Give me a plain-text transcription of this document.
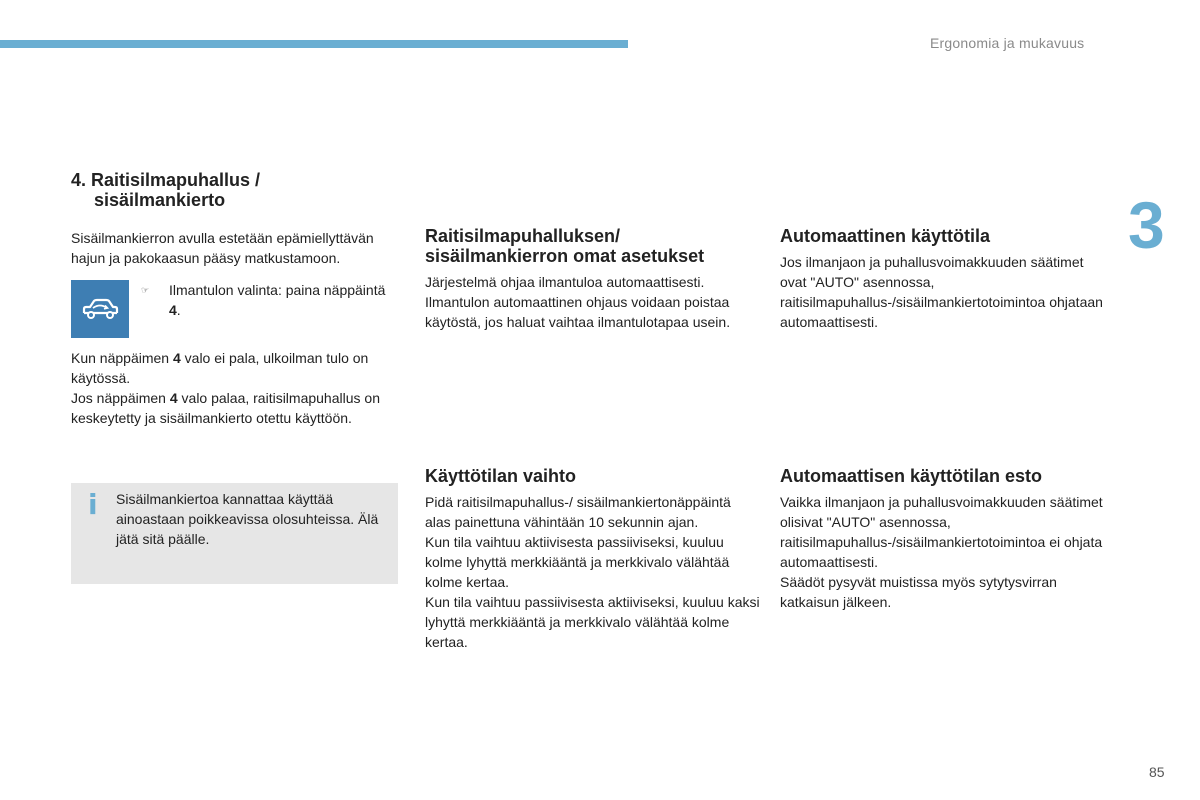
Ergonomia ja mukavuus
3
4. Raitisilmapuhallus /
sisäilmankierto

Sisäilmankierron avulla estetään epämiellyttävän hajun ja pakokaasun pääsy matkustamoon.

☞ Ilmantulon valinta: paina näppäintä 4.

Kun näppäimen 4 valo ei pala, ulkoilman tulo on käytössä.

Jos näppäimen 4 valo palaa, raitisilmapuhallus on keskeytetty ja sisäilmankierto otettu käyttöön.

i Sisäilmankiertoa kannattaa käyttää ainoastaan poikkeavissa olosuhteissa. Älä jätä sitä päälle.

Raitisilmapuhalluksen/ sisäilmankierron omat asetukset

Järjestelmä ohjaa ilmantuloa automaattisesti. Ilmantulon automaattinen ohjaus voidaan poistaa käytöstä, jos haluat vaihtaa ilmantulotapaa usein.

Automaattinen käyttötila

Jos ilmanjaon ja puhallusvoimakkuuden säätimet ovat "AUTO" asennossa, raitisilmapuhallus-/sisäilmankiertotoimintoa ohjataan automaattisesti.

Käyttötilan vaihto

Pidä raitisilmapuhallus-/ sisäilmankiertonäppäintä alas painettuna vähintään 10 sekunnin ajan.

Kun tila vaihtuu aktiivisesta passiiviseksi, kuuluu kolme lyhyttä merkkiääntä ja merkkivalo välähtää kolme kertaa.

Kun tila vaihtuu passiivisesta aktiiviseksi, kuuluu kaksi lyhyttä merkkiääntä ja merkkivalo välähtää kolme kertaa.

Automaattisen käyttötilan esto

Vaikka ilmanjaon ja puhallusvoimakkuuden säätimet olisivat "AUTO" asennossa, raitisilmapuhallus-/sisäilmankiertotoimintoa ei ohjata automaattisesti.

Säädöt pysyvät muistissa myös sytytysvirran katkaisun jälkeen.

85
